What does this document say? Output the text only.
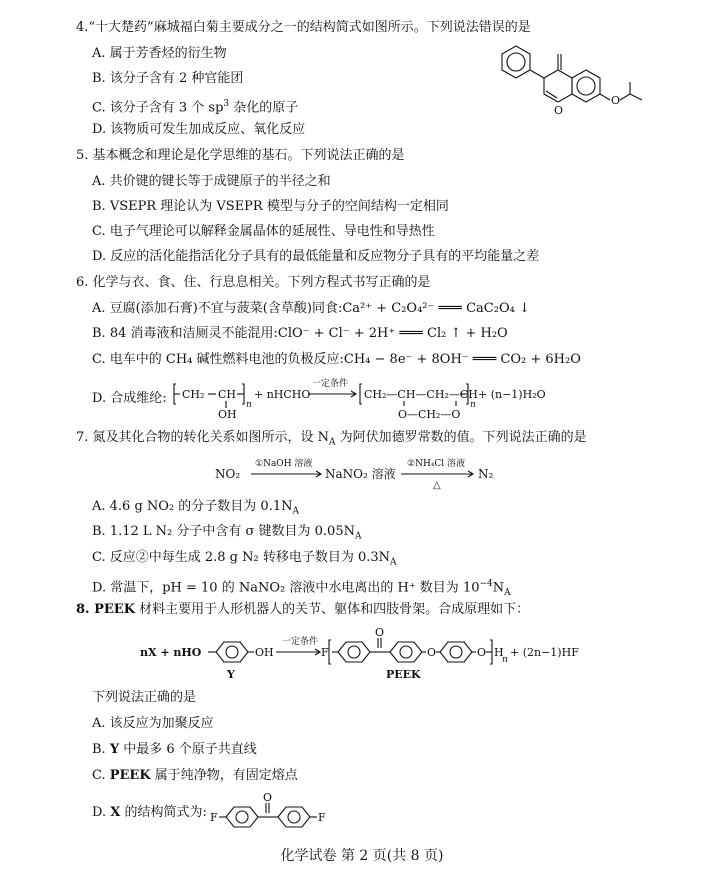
4.“十大楚药”麻城福白菊主要成分之一的结构简式如图所示。下列说法错误的是
A. 属于芳香烃的衍生物
B. 该分子含有 2 种官能团
C. 该分子含有 3 个 $sp^3$ 杂化的原子
D. 该物质可发生加成反应、氧化反应
O
O
5. 基本概念和理论是化学思维的基石。下列说法正确的是
A. 共价键的键长等于成键原子的半径之和
B. VSEPR 理论认为 VSEPR 模型与分子的空间结构一定相同
C. 电子气理论可以解释金属晶体的延展性、导电性和导热性
D. 反应的活化能指活化分子具有的最低能量和反应物分子具有的平均能量之差
6. 化学与衣、食、住、行息息相关。下列方程式书写正确的是
A. 豆腐(添加石膏)不宜与菠菜(含草酸)同食:Ca²⁺ + C₂O₄²⁻ ═══ CaC₂O₄ ↓
B. 84 消毒液和洁厕灵不能混用:ClO⁻ + Cl⁻ + 2H⁺ ═══ Cl₂ ↑ + H₂O
C. 电车中的 CH₄ 碱性燃料电池的负极反应:CH₄ − 8e⁻ + 8OH⁻ ═══ CO₂ + 6H₂O
D. 合成维纶: CH₂ CH
OH
n
+ nHCHO
一定条件
CH₂—CH—CH₂—CH
O—CH₂—O
n
+ (n−1)H₂O
7. 氮及其化合物的转化关系如图所示，设 $N_A$ 为阿伏加德罗常数的值。下列说法正确的是
NO₂
①NaOH 溶液
NaNO₂ 溶液
②NH₄Cl 溶液
△
N₂
A. 4.6 g NO₂ 的分子数目为 $0.1N_A$
B. 1.12 L N₂ 分子中含有 σ 键数目为 $0.05N_A$
C. 反应②中每生成 2.8 g N₂ 转移电子数目为 $0.3N_A$
D. 常温下，pH = 10 的 NaNO₂ 溶液中水电离出的 H⁺ 数目为 $10^{-4}N_A$
8. PEEK 材料主要用于人形机器人的关节、躯体和四肢骨架。合成原理如下：
nX + nHO	OH
Y
一定条件
F
O
O	O H
n
+ (2n−1)HF
PEEK
下列说法正确的是
A. 该反应为加聚反应
B. Y 中最多 6 个原子共直线
C. PEEK 属于纯净物，有固定熔点
D. X 的结构简式为: F
O
F
化学试卷 第 2 页(共 8 页)
